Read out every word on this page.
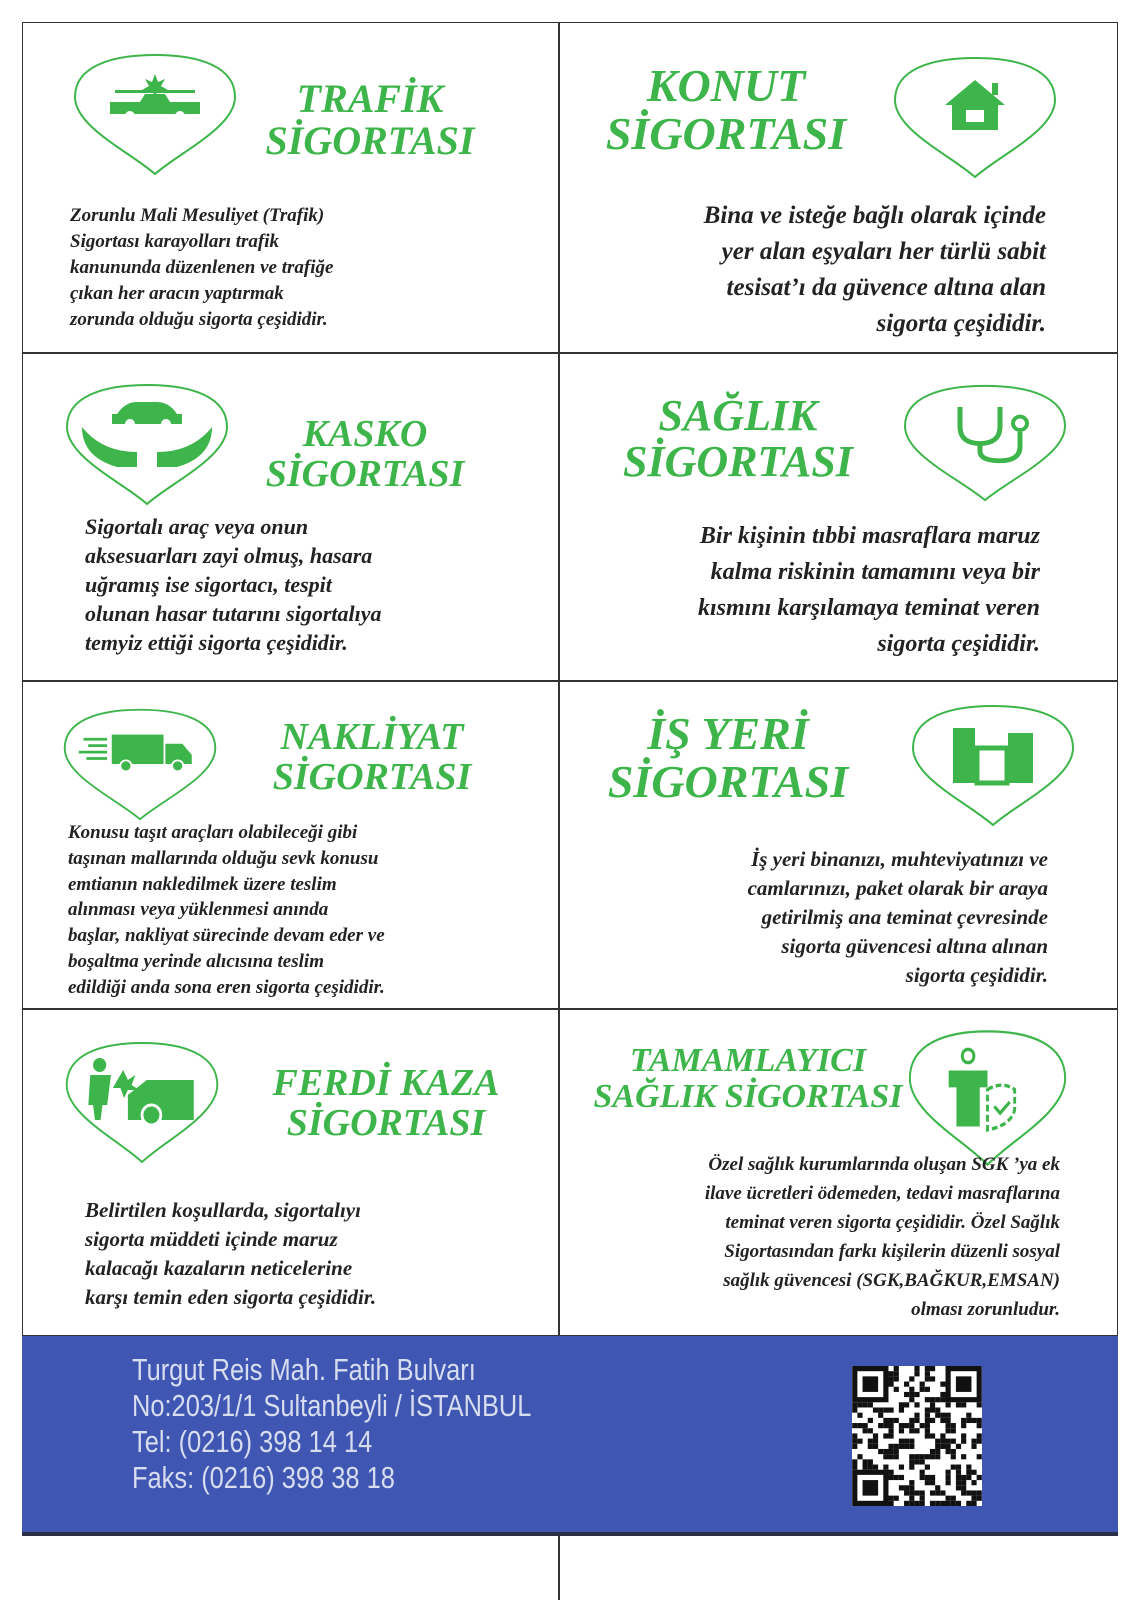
TRAFİK
SİGORTASI
Zorunlu Mali Mesuliyet (Trafik)
Sigortası karayolları trafik
kanununda düzenlenen ve trafiğe
çıkan her aracın yaptırmak
zorunda olduğu sigorta çeşididir.
KONUT
SİGORTASI
Bina ve isteğe bağlı olarak içinde
yer alan eşyaları her türlü sabit
tesisat’ı da güvence altına alan
sigorta çeşididir.
KASKO
SİGORTASI
Sigortalı araç veya onun
aksesuarları zayi olmuş, hasara
uğramış ise sigortacı, tespit
olunan hasar tutarını sigortalıya
temyiz ettiği sigorta çeşididir.
SAĞLIK
SİGORTASI
Bir kişinin tıbbi masraflara maruz
kalma riskinin tamamını veya bir
kısmını karşılamaya teminat veren
sigorta çeşididir.
NAKLİYAT
SİGORTASI
Konusu taşıt araçları olabileceği gibi
taşınan mallarında olduğu sevk konusu
emtianın nakledilmek üzere teslim
alınması veya yüklenmesi anında
başlar, nakliyat sürecinde devam eder ve
boşaltma yerinde alıcısına teslim
edildiği anda sona eren sigorta çeşididir.
İŞ YERİ
SİGORTASI
İş yeri binanızı, muhteviyatınızı ve
camlarınızı, paket olarak bir araya
getirilmiş ana teminat çevresinde
sigorta güvencesi altına alınan
sigorta çeşididir.
FERDİ KAZA
SİGORTASI
Belirtilen koşullarda, sigortalıyı
sigorta müddeti içinde maruz
kalacağı kazaların neticelerine
karşı temin eden sigorta çeşididir.
TAMAMLAYICI
SAĞLIK SİGORTASI
Özel sağlık kurumlarında oluşan SGK ’ya ek
ilave ücretleri ödemeden, tedavi masraflarına
teminat veren sigorta çeşididir. Özel Sağlık
Sigortasından farkı kişilerin düzenli sosyal
sağlık güvencesi (SGK,BAĞKUR,EMSAN)
olması zorunludur.
Turgut Reis Mah. Fatih Bulvarı
No:203/1/1 Sultanbeyli / İSTANBUL
Tel: (0216) 398 14 14
Faks: (0216) 398 38 18
